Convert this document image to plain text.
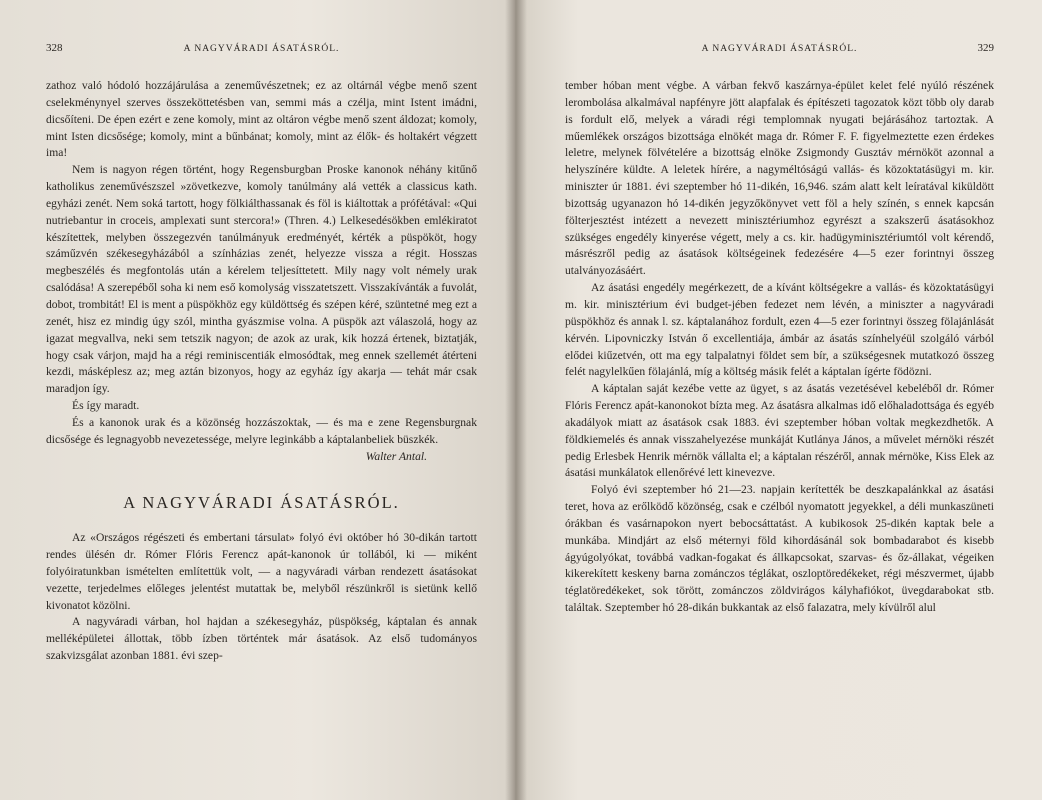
328	A NAGYVÁRADI ÁSATÁSRÓL.

zathoz való hódoló hozzájárulása a zeneművészetnek; ez az oltárnál végbe menő szent cselekménynyel szerves összeköttetésben van, semmi más a czélja, mint Istent imádni, dicsőíteni. De épen ezért e zene komoly, mint az oltáron végbe menő szent áldozat; komoly, mint Isten dicsősége; komoly, mint a bűnbánat; komoly, mint az élők- és holtakért végzett ima!

Nem is nagyon régen történt, hogy Regensburgban Proske kanonok néhány kitűnő katholikus zeneművészszel »zövetkezve, komoly tanúlmány alá vették a classicus kath. egyházi zenét. Nem soká tartott, hogy fölkiálthassanak és föl is kiáltottak a prófétával: «Qui nutriebantur in croceis, amplexati sunt stercora!» (Thren. 4.) Lelkesedésökben emlékiratot készítettek, melyben összegezvén tanúlmányuk eredményét, kérték a püspököt, hogy száműzvén székesegyházából a színházias zenét, helyezze vissza a régit. Hosszas megbeszélés és megfontolás után a kérelem teljesíttetett. Mily nagy volt némely urak csalódása! A szerepéből soha ki nem eső komolyság visszatetszett. Visszakívánták a fuvolát, dobot, trombitát! El is ment a püspökhöz egy küldöttség és szépen kéré, szüntetné meg ezt a zenét, hisz ez mindig úgy szól, mintha gyászmise volna. A püspök azt válaszolá, hogy az igazat megvallva, neki sem tetszik nagyon; de azok az urak, kik hozzá értenek, biztatják, hogy csak várjon, majd ha a régi reminiscentiák elmosódtak, meg ennek szellemét átérteni kezdi, másképlesz az; meg aztán bizonyos, hogy az egyház így akarja — tehát már csak maradjon így.

És így maradt.

És a kanonok urak és a közönség hozzászoktak, — és ma e zene Regensburgnak dicsősége és legnagyobb nevezetessége, melyre leginkább a káptalanbeliek büszkék.

Walter Antal.
A NAGYVÁRADI ÁSATÁSRÓL.

Az «Országos régészeti és embertani társulat» folyó évi október hó 30-dikán tartott rendes ülésén dr. Rómer Flóris Ferencz apát-kanonok úr tollából, ki — miként folyóiratunkban ismételten említettük volt, — a nagyváradi várban rendezett ásatásokat vezette, terjedelmes előleges jelentést mutattak be, melyből részünkről is sietünk kellő kivonatot közölni.

A nagyváradi várban, hol hajdan a székesegyház, püspökség, káptalan és annak melléképületei állottak, több ízben történtek már ásatások. Az első tudományos szakvizsgálat azonban 1881. évi szep-

A NAGYVÁRADI ÁSATÁSRÓL.	329

tember hóban ment végbe. A várban fekvő kaszárnya-épület kelet felé nyúló részének lerombolása alkalmával napfényre jött alapfalak és építészeti tagozatok közt több oly darab is fordult elő, melyek a váradi régi templomnak nyugati bejárásához tartoztak. A műemlékek országos bizottsága elnökét maga dr. Rómer F. F. figyelmeztette ezen érdekes leletre, melynek fölvételére a bizottság elnöke Zsigmondy Gusztáv mérnököt azonnal a helyszínére küldte. A leletek hírére, a nagyméltóságú vallás- és közoktatásügyi m. kir. miniszter úr 1881. évi szeptember hó 11-dikén, 16,946. szám alatt kelt leíratával kiküldött bizottság ugyanazon hó 14-dikén jegyzőkönyvet vett föl a hely színén, s ennek kapcsán fölterjesztést intézett a nevezett minisztériumhoz egyrészt a szakszerű ásatásokhoz szükséges engedély kinyerése végett, mely a cs. kir. hadügyminisztériumtól volt kérendő, másrészről pedig az ásatások költségeinek fedezésére 4—5 ezer forintnyi összeg utalványozásáért.

Az ásatási engedély megérkezett, de a kívánt költségekre a vallás- és közoktatásügyi m. kir. minisztérium évi budget-jében fedezet nem lévén, a miniszter a nagyváradi püspökhöz és annak l. sz. káptalanához fordult, ezen 4—5 ezer forintnyi összeg fölajánlását kérvén. Lipovniczky István ő excellentiája, ámbár az ásatás színhelyéül szolgáló várból elődei kiűzetvén, ott ma egy talpalatnyi földet sem bír, a szükségesnek mutatkozó összeg felét nagylelkűen fölajánlá, míg a költség másik felét a káptalan ígérte födözni.

A káptalan saját kezébe vette az ügyet, s az ásatás vezetésével kebeléből dr. Rómer Flóris Ferencz apát-kanonokot bízta meg. Az ásatásra alkalmas idő előhaladottsága és egyéb akadályok miatt az ásatások csak 1883. évi szeptember hóban voltak megkezdhetők. A földkiemelés és annak visszahelyezése munkáját Kutlánya János, a művelet mérnöki részét pedig Erlesbek Henrik mérnök vállalta el; a káptalan részéről, annak mérnöke, Kiss Elek az ásatási munkálatok ellenőrévé lett kinevezve.

Folyó évi szeptember hó 21—23. napjain kerítették be deszkapalánkkal az ásatási teret, hova az erőlködő közönség, csak e czélból nyomatott jegyekkel, a déli munkaszüneti órákban és vasárnapokon nyert bebocsáttatást. A kubikosok 25-dikén kaptak bele a munkába. Mindjárt az első méternyi föld kihordásánál sok bombadarabot és kisebb ágyúgolyókat, továbbá vadkan-fogakat és állkapcsokat, szarvas- és őz-állakat, végeiken kikerekített keskeny barna zománczos téglákat, oszloptöredékeket, régi mészvermet, újabb téglatöredékeket, sok törött, zománczos zöldvirágos kályhafiókot, üvegdarabokat stb. találtak. Szeptember hó 28-dikán bukkantak az első falazatra, mely kívülről alul
